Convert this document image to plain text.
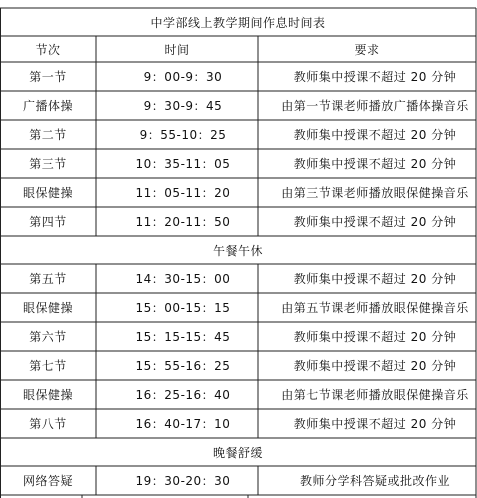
中学部线上教学期间作息时间表
节次	时间	要求
第一节	9：00-9：30	教师集中授课不超过 20 分钟
广播体操	9：30-9：45	由第一节课老师播放广播体操音乐
第二节	9：55-10：25	教师集中授课不超过 20 分钟
第三节	10：35-11：05	教师集中授课不超过 20 分钟
眼保健操	11：05-11：20	由第三节课老师播放眼保健操音乐
第四节	11：20-11：50	教师集中授课不超过 20 分钟
午餐午休
第五节	14：30-15：00	教师集中授课不超过 20 分钟
眼保健操	15：00-15：15	由第五节课老师播放眼保健操音乐
第六节	15：15-15：45	教师集中授课不超过 20 分钟
第七节	15：55-16：25	教师集中授课不超过 20 分钟
眼保健操	16：25-16：40	由第七节课老师播放眼保健操音乐
第八节	16：40-17：10	教师集中授课不超过 20 分钟
晚餐舒缓
网络答疑	19：30-20：30	教师分学科答疑或批改作业
